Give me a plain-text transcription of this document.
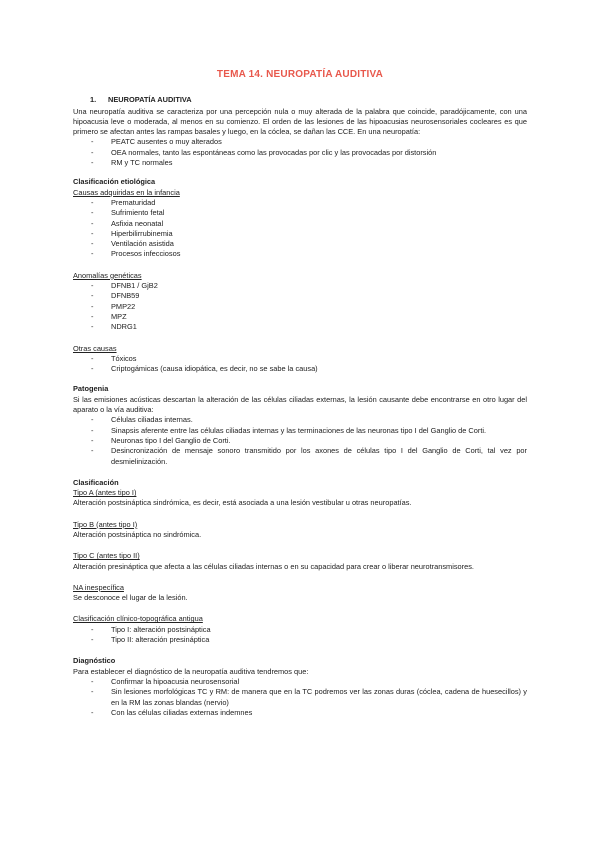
TEMA 14. NEUROPATÍA AUDITIVA
1. NEUROPATÍA AUDITIVA

Una neuropatía auditiva se caracteriza por una percepción nula o muy alterada de la palabra que coincide, paradójicamente, con una hipoacusia leve o moderada, al menos en su comienzo. El orden de las lesiones de las hipoacusias neurosensoriales cocleares es que primero se afectan antes las rampas basales y luego, en la cóclea, se dañan las CCE. En una neuropatía:

- PEATC ausentes o muy alterados
- OEA normales, tanto las espontáneas como las provocadas por clic y las provocadas por distorsión
- RM y TC normales
Clasificación etiológica
Causas adquiridas en la infancia
- Prematuridad
- Sufrimiento fetal
- Asfixia neonatal
- Hiperbilirrubinemia
- Ventilación asistida
- Procesos infecciosos
Anomalías genéticas
- DFNB1 / GjB2
- DFNB59
- PMP22
- MPZ
- NDRG1
Otras causas
- Tóxicos
- Criptogámicas (causa idiopática, es decir, no se sabe la causa)
Patogenia

Si las emisiones acústicas descartan la alteración de las células ciliadas externas, la lesión causante debe encontrarse en otro lugar del aparato o la vía auditiva:

- Células ciliadas internas.
- Sinapsis aferente entre las células ciliadas internas y las terminaciones de las neuronas tipo I del Ganglio de Corti.
- Neuronas tipo I del Ganglio de Corti.
- Desincronización de mensaje sonoro transmitido por los axones de células tipo I del Ganglio de Corti, tal vez por desmielinización.
Clasificación
Tipo A (antes tipo I)

Alteración postsináptica sindrómica, es decir, está asociada a una lesión vestibular u otras neuropatías.

Tipo B (antes tipo I)

Alteración postsináptica no sindrómica.

Tipo C (antes tipo II)

Alteración presináptica que afecta a las células ciliadas internas o en su capacidad para crear o liberar neurotransmisores.

NA inespecífica

Se desconoce el lugar de la lesión.

Clasificación clínico-topográfica antigua
- Tipo I: alteración postsináptica
- Tipo II: alteración presináptica
Diagnóstico

Para establecer el diagnóstico de la neuropatía auditiva tendremos que:

- Confirmar la hipoacusia neurosensorial
- Sin lesiones morfológicas TC y RM: de manera que en la TC podremos ver las zonas duras (cóclea, cadena de huesecillos) y en la RM las zonas blandas (nervio)
- Con las células ciliadas externas indemnes
